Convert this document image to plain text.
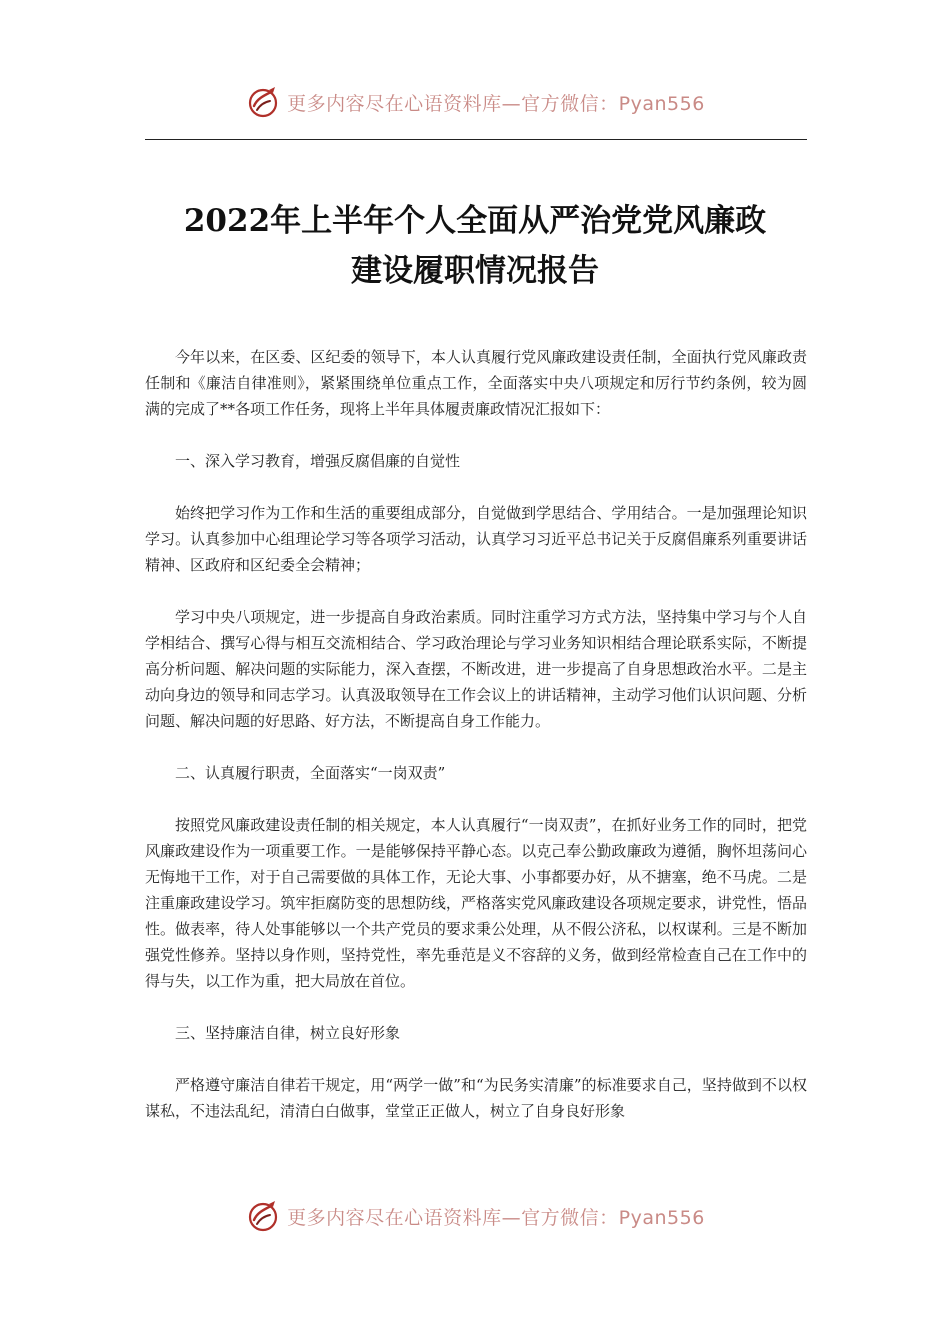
更多内容尽在心语资料库—官方微信：Pyan556
2022年上半年个人全面从严治党党风廉政
建设履职情况报告

今年以来，在区委、区纪委的领导下，本人认真履行党风廉政建设责任制，全面执行党风廉政责任制和《廉洁自律准则》，紧紧围绕单位重点工作，全面落实中央八项规定和厉行节约条例，较为圆满的完成了**各项工作任务，现将上半年具体履责廉政情况汇报如下：

一、深入学习教育，增强反腐倡廉的自觉性

始终把学习作为工作和生活的重要组成部分，自觉做到学思结合、学用结合。一是加强理论知识学习。认真参加中心组理论学习等各项学习活动，认真学习习近平总书记关于反腐倡廉系列重要讲话精神、区政府和区纪委全会精神；

学习中央八项规定，进一步提高自身政治素质。同时注重学习方式方法，坚持集中学习与个人自学相结合、撰写心得与相互交流相结合、学习政治理论与学习业务知识相结合理论联系实际，不断提高分析问题、解决问题的实际能力，深入查摆，不断改进，进一步提高了自身思想政治水平。二是主动向身边的领导和同志学习。认真汲取领导在工作会议上的讲话精神，主动学习他们认识问题、分析问题、解决问题的好思路、好方法，不断提高自身工作能力。

二、认真履行职责，全面落实“一岗双责”

按照党风廉政建设责任制的相关规定，本人认真履行“一岗双责”，在抓好业务工作的同时，把党风廉政建设作为一项重要工作。一是能够保持平静心态。以克己奉公勤政廉政为遵循，胸怀坦荡问心无悔地干工作，对于自己需要做的具体工作，无论大事、小事都要办好，从不搪塞，绝不马虎。二是注重廉政建设学习。筑牢拒腐防变的思想防线，严格落实党风廉政建设各项规定要求，讲党性，悟品性。做表率，待人处事能够以一个共产党员的要求秉公处理，从不假公济私，以权谋利。三是不断加强党性修养。坚持以身作则，坚持党性，率先垂范是义不容辞的义务，做到经常检查自己在工作中的得与失，以工作为重，把大局放在首位。

三、坚持廉洁自律，树立良好形象

严格遵守廉洁自律若干规定，用“两学一做”和“为民务实清廉”的标准要求自己，坚持做到不以权谋私，不违法乱纪，清清白白做事，堂堂正正做人，树立了自身良好形象

更多内容尽在心语资料库—官方微信：Pyan556
